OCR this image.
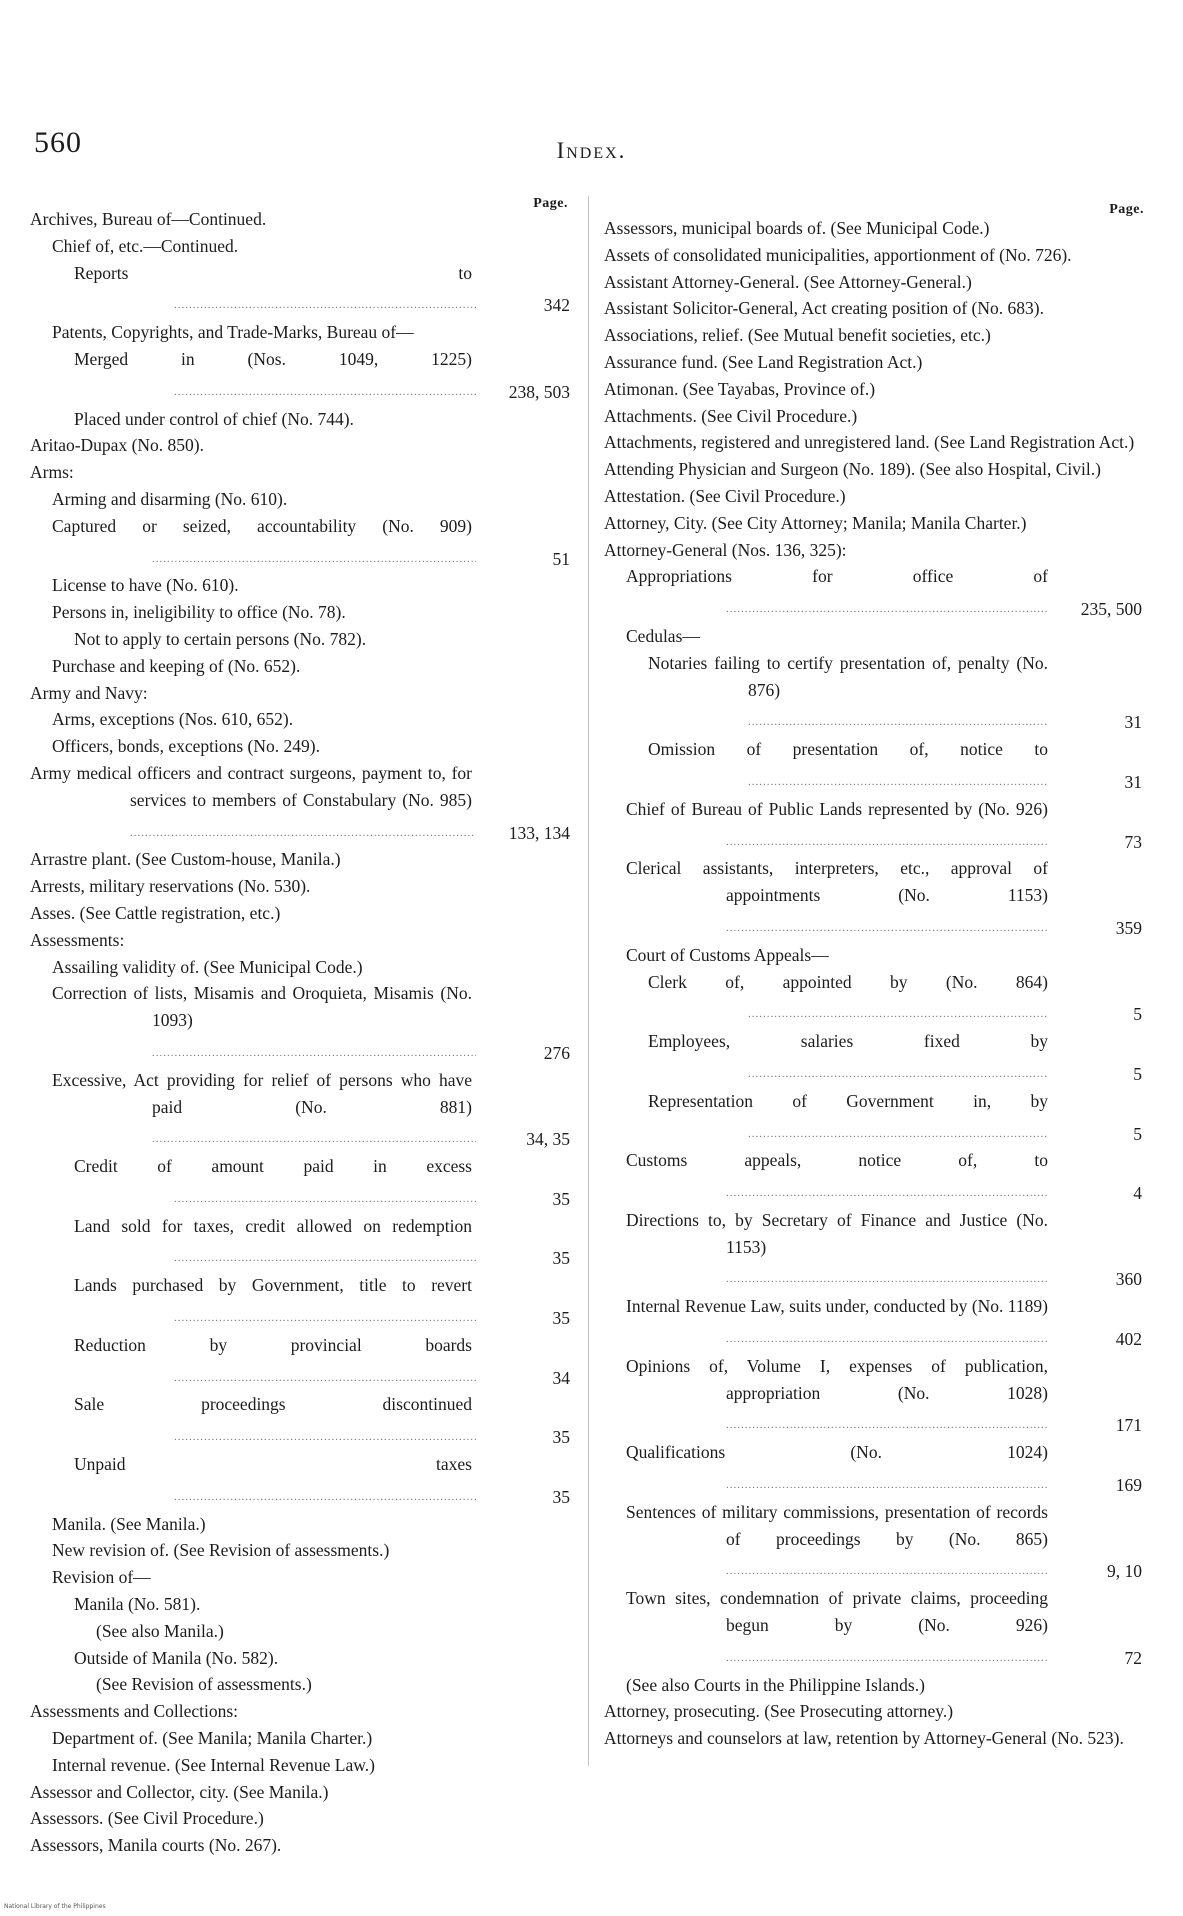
560	Index.
Page.
Archives, Bureau of—Continued.
Chief of, etc.—Continued.
Reports to .....
342
Patents, Copyrights, and Trade-Marks, Bureau of—
Merged in (Nos. 1049, 1225) .....
238, 503
Placed under control of chief (No. 744).
Aritao-Dupax (No. 850).
Arms:
Arming and disarming (No. 610).
Captured or seized, accountability (No. 909) .....
51
License to have (No. 610).
Persons in, ineligibility to office (No. 78).
Not to apply to certain persons (No. 782).
Purchase and keeping of (No. 652).
Army and Navy:
Arms, exceptions (Nos. 610, 652).
Officers, bonds, exceptions (No. 249).
Army medical officers and contract surgeons, payment to, for services to members of Constabulary (No. 985) .....
133, 134
Arrastre plant. (See Custom-house, Manila.)
Arrests, military reservations (No. 530).
Asses. (See Cattle registration, etc.)
Assessments:
Assailing validity of. (See Municipal Code.)
Correction of lists, Misamis and Oroquieta, Misamis (No. 1093) .....
276
Excessive, Act providing for relief of persons who have paid (No. 881) .....
34, 35
Credit of amount paid in excess .....
35
Land sold for taxes, credit allowed on redemption .....
35
Lands purchased by Government, title to revert .....
35
Reduction by provincial boards .....
34
Sale proceedings discontinued .....
35
Unpaid taxes .....
35
Manila. (See Manila.)
New revision of. (See Revision of assessments.)
Revision of—
Manila (No. 581).
(See also Manila.)
Outside of Manila (No. 582).
(See Revision of assessments.)
Assessments and Collections:
Department of. (See Manila; Manila Charter.)
Internal revenue. (See Internal Revenue Law.)
Assessor and Collector, city. (See Manila.)
Assessors. (See Civil Procedure.)
Assessors, Manila courts (No. 267).
Page.
Assessors, municipal boards of. (See Municipal Code.)
Assets of consolidated municipalities, apportionment of (No. 726).
Assistant Attorney-General. (See Attorney-General.)
Assistant Solicitor-General, Act creating position of (No. 683).
Associations, relief. (See Mutual benefit societies, etc.)
Assurance fund. (See Land Registration Act.)
Atimonan. (See Tayabas, Province of.)
Attachments. (See Civil Procedure.)
Attachments, registered and unregistered land. (See Land Registration Act.)
Attending Physician and Surgeon (No. 189). (See also Hospital, Civil.)
Attestation. (See Civil Procedure.)
Attorney, City. (See City Attorney; Manila; Manila Charter.)
Attorney-General (Nos. 136, 325):
Appropriations for office of .....
235, 500
Cedulas—
Notaries failing to certify presentation of, penalty (No. 876) .....
31
Omission of presentation of, notice to .....
31
Chief of Bureau of Public Lands represented by (No. 926) .....
73
Clerical assistants, interpreters, etc., approval of appointments (No. 1153) .....
359
Court of Customs Appeals—
Clerk of, appointed by (No. 864) .....
5
Employees, salaries fixed by .....
5
Representation of Government in, by .....
5
Customs appeals, notice of, to .....
4
Directions to, by Secretary of Finance and Justice (No. 1153) .....
360
Internal Revenue Law, suits under, conducted by (No. 1189) .....
402
Opinions of, Volume I, expenses of publication, appropriation (No. 1028) .....
171
Qualifications (No. 1024) .....
169
Sentences of military commissions, presentation of records of proceedings by (No. 865) .....
9, 10
Town sites, condemnation of private claims, proceeding begun by (No. 926) .....
72
(See also Courts in the Philippine Islands.)
Attorney, prosecuting. (See Prosecuting attorney.)
Attorneys and counselors at law, retention by Attorney-General (No. 523).
National Library of the Philippines
